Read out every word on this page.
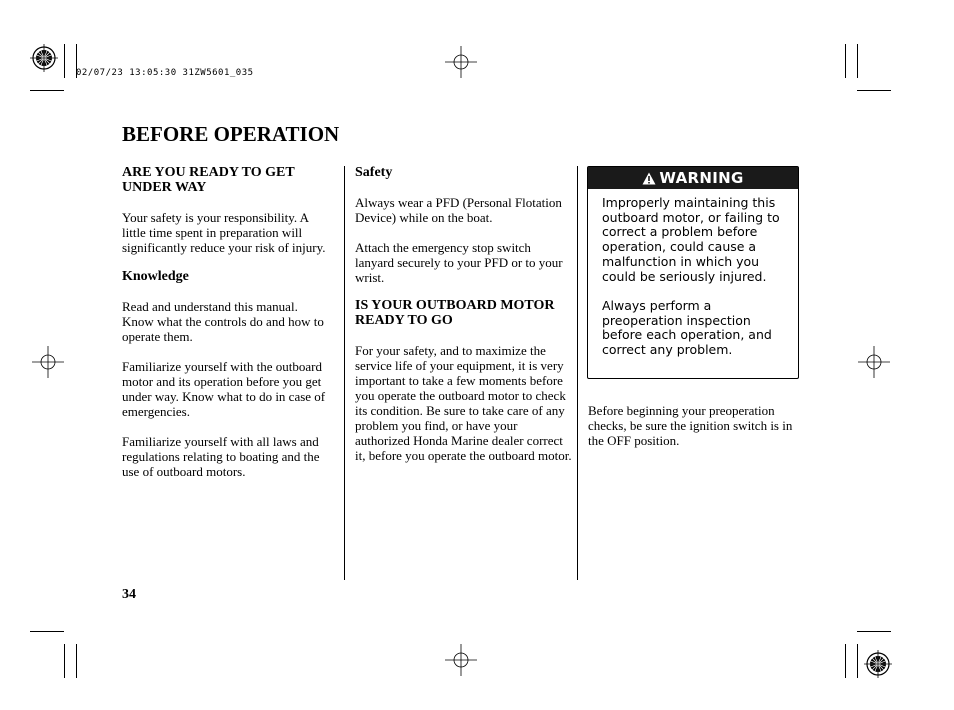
02/07/23 13:05:30 31ZW5601_035
BEFORE OPERATION
ARE YOU READY TO GET UNDER WAY

Your safety is your responsibility. A little time spent in preparation will significantly reduce your risk of injury.

Knowledge

Read and understand this manual. Know what the controls do and how to operate them.

Familiarize yourself with the outboard motor and its operation before you get under way. Know what to do in case of emergencies.

Familiarize yourself with all laws and regulations relating to boating and the use of outboard motors.

Safety

Always wear a PFD (Personal Flotation Device) while on the boat.

Attach the emergency stop switch lanyard securely to your PFD or to your wrist.

IS YOUR OUTBOARD MOTOR READY TO GO

For your safety, and to maximize the service life of your equipment, it is very important to take a few moments before you operate the outboard motor to check its condition. Be sure to take care of any problem you find, or have your authorized Honda Marine dealer correct it, before you operate the outboard motor.

WARNING

Improperly maintaining this outboard motor, or failing to correct a problem before operation, could cause a malfunction in which you could be seriously injured.

Always perform a preoperation inspection before each operation, and correct any problem.

Before beginning your preoperation checks, be sure the ignition switch is in the OFF position.

34
